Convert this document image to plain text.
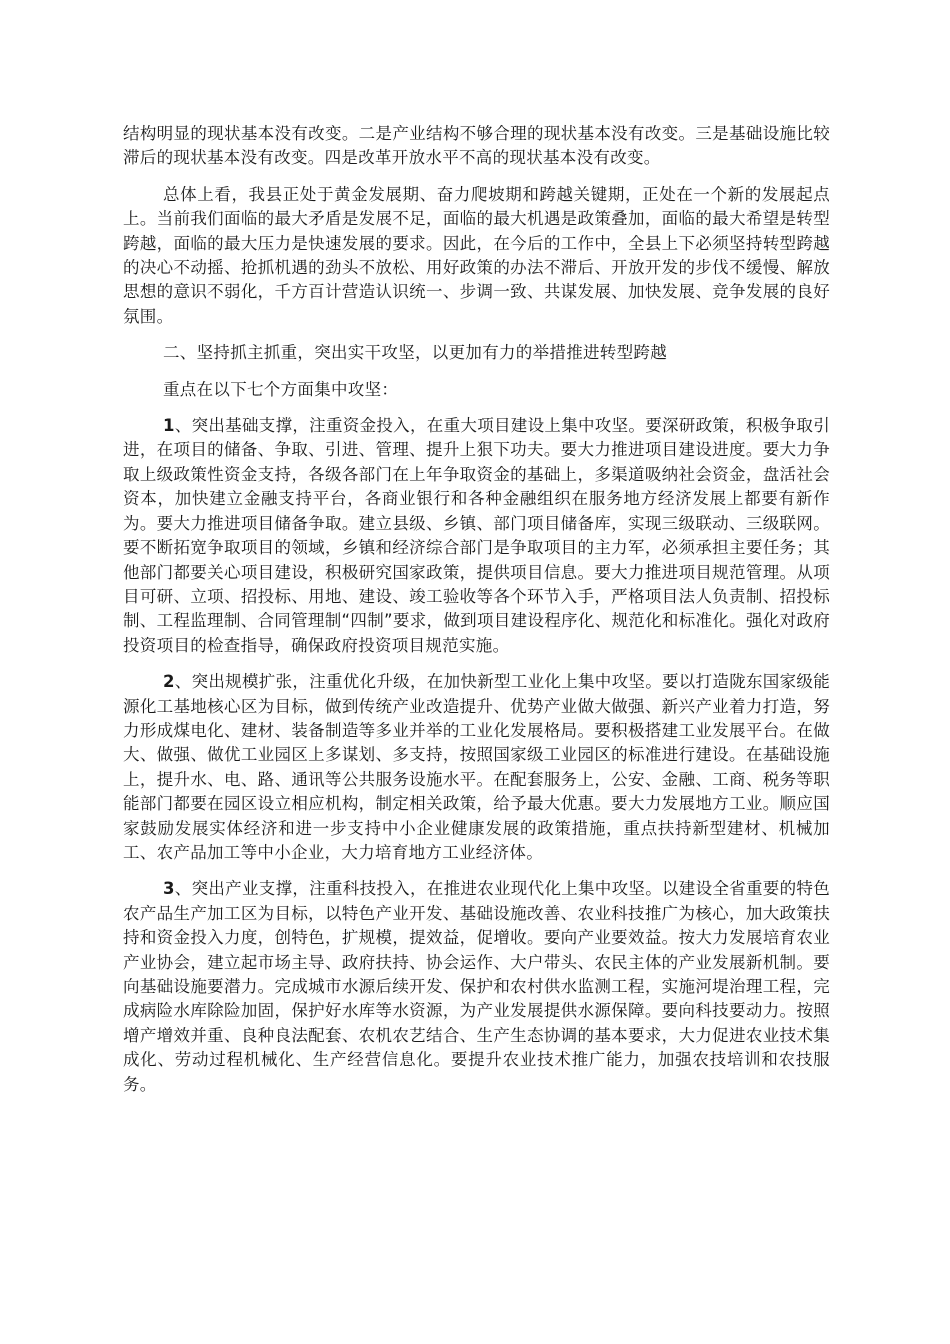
结构明显的现状基本没有改变。二是产业结构不够合理的现状基本没有改变。三是基础设施比较滞后的现状基本没有改变。四是改革开放水平不高的现状基本没有改变。

总体上看，我县正处于黄金发展期、奋力爬坡期和跨越关键期，正处在一个新的发展起点上。当前我们面临的最大矛盾是发展不足，面临的最大机遇是政策叠加，面临的最大希望是转型跨越，面临的最大压力是快速发展的要求。因此，在今后的工作中，全县上下必须坚持转型跨越的决心不动摇、抢抓机遇的劲头不放松、用好政策的办法不滞后、开放开发的步伐不缓慢、解放思想的意识不弱化，千方百计营造认识统一、步调一致、共谋发展、加快发展、竞争发展的良好氛围。

二、坚持抓主抓重，突出实干攻坚，以更加有力的举措推进转型跨越

重点在以下七个方面集中攻坚：

1、突出基础支撑，注重资金投入，在重大项目建设上集中攻坚。要深研政策，积极争取引进，在项目的储备、争取、引进、管理、提升上狠下功夫。要大力推进项目建设进度。要大力争取上级政策性资金支持，各级各部门在上年争取资金的基础上，多渠道吸纳社会资金，盘活社会资本，加快建立金融支持平台，各商业银行和各种金融组织在服务地方经济发展上都要有新作为。要大力推进项目储备争取。建立县级、乡镇、部门项目储备库，实现三级联动、三级联网。要不断拓宽争取项目的领域，乡镇和经济综合部门是争取项目的主力军，必须承担主要任务；其他部门都要关心项目建设，积极研究国家政策，提供项目信息。要大力推进项目规范管理。从项目可研、立项、招投标、用地、建设、竣工验收等各个环节入手，严格项目法人负责制、招投标制、工程监理制、合同管理制“四制”要求，做到项目建设程序化、规范化和标准化。强化对政府投资项目的检查指导，确保政府投资项目规范实施。

2、突出规模扩张，注重优化升级，在加快新型工业化上集中攻坚。要以打造陇东国家级能源化工基地核心区为目标，做到传统产业改造提升、优势产业做大做强、新兴产业着力打造，努力形成煤电化、建材、装备制造等多业并举的工业化发展格局。要积极搭建工业发展平台。在做大、做强、做优工业园区上多谋划、多支持，按照国家级工业园区的标准进行建设。在基础设施上，提升水、电、路、通讯等公共服务设施水平。在配套服务上，公安、金融、工商、税务等职能部门都要在园区设立相应机构，制定相关政策，给予最大优惠。要大力发展地方工业。顺应国家鼓励发展实体经济和进一步支持中小企业健康发展的政策措施，重点扶持新型建材、机械加工、农产品加工等中小企业，大力培育地方工业经济体。

3、突出产业支撑，注重科技投入，在推进农业现代化上集中攻坚。以建设全省重要的特色农产品生产加工区为目标，以特色产业开发、基础设施改善、农业科技推广为核心，加大政策扶持和资金投入力度，创特色，扩规模，提效益，促增收。要向产业要效益。按大力发展培育农业产业协会，建立起市场主导、政府扶持、协会运作、大户带头、农民主体的产业发展新机制。要向基础设施要潜力。完成城市水源后续开发、保护和农村供水监测工程，实施河堤治理工程，完成病险水库除险加固，保护好水库等水资源，为产业发展提供水源保障。要向科技要动力。按照增产增效并重、良种良法配套、农机农艺结合、生产生态协调的基本要求，大力促进农业技术集成化、劳动过程机械化、生产经营信息化。要提升农业技术推广能力，加强农技培训和农技服务。
